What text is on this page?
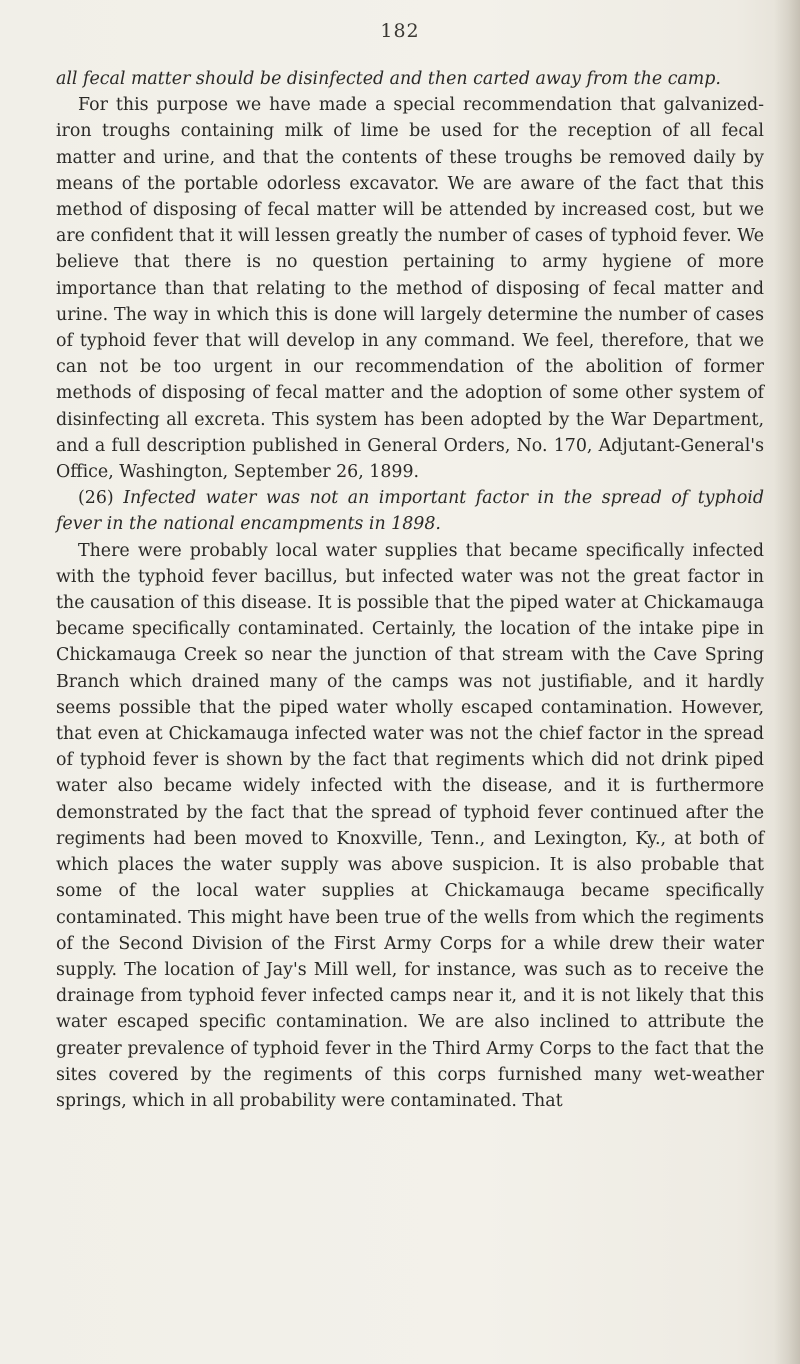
182

all fecal matter should be disinfected and then carted away from the camp.

For this purpose we have made a special recommendation that galvanized-iron troughs containing milk of lime be used for the reception of all fecal matter and urine, and that the contents of these troughs be removed daily by means of the portable odorless excavator. We are aware of the fact that this method of disposing of fecal matter will be attended by increased cost, but we are confident that it will lessen greatly the number of cases of typhoid fever. We believe that there is no question pertaining to army hygiene of more importance than that relating to the method of disposing of fecal matter and urine. The way in which this is done will largely determine the number of cases of typhoid fever that will develop in any command. We feel, therefore, that we can not be too urgent in our recommendation of the abolition of former methods of disposing of fecal matter and the adoption of some other system of disinfecting all excreta. This system has been adopted by the War Department, and a full description published in General Orders, No. 170, Adjutant-General's Office, Washington, September 26, 1899.

(26) Infected water was not an important factor in the spread of typhoid fever in the national encampments in 1898.

There were probably local water supplies that became specifically infected with the typhoid fever bacillus, but infected water was not the great factor in the causation of this disease. It is possible that the piped water at Chickamauga became specifically contaminated. Certainly, the location of the intake pipe in Chickamauga Creek so near the junction of that stream with the Cave Spring Branch which drained many of the camps was not justifiable, and it hardly seems possible that the piped water wholly escaped contamination. However, that even at Chickamauga infected water was not the chief factor in the spread of typhoid fever is shown by the fact that regiments which did not drink piped water also became widely infected with the disease, and it is furthermore demonstrated by the fact that the spread of typhoid fever continued after the regiments had been moved to Knoxville, Tenn., and Lexington, Ky., at both of which places the water supply was above suspicion. It is also probable that some of the local water supplies at Chickamauga became specifically contaminated. This might have been true of the wells from which the regiments of the Second Division of the First Army Corps for a while drew their water supply. The location of Jay's Mill well, for instance, was such as to receive the drainage from typhoid fever infected camps near it, and it is not likely that this water escaped specific contamination. We are also inclined to attribute the greater prevalence of typhoid fever in the Third Army Corps to the fact that the sites covered by the regiments of this corps furnished many wet-weather springs, which in all probability were contaminated. That
